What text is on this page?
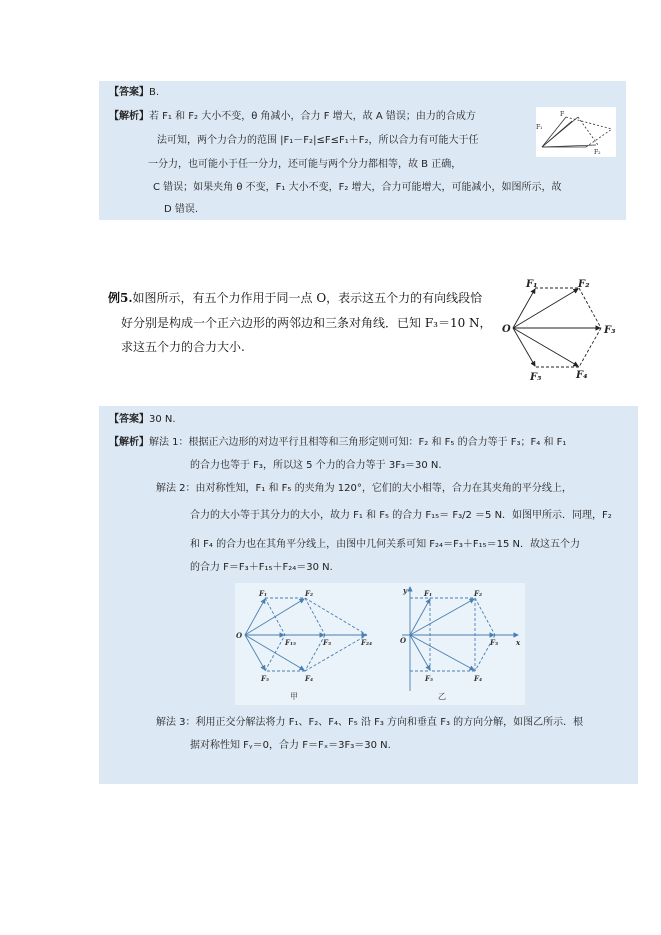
【答案】B.
【解析】若 F₁ 和 F₂ 大小不变，θ 角减小，合力 F 增大，故 A 错误；由力的合成方
法可知，两个力合力的范围 |F₁－F₂|≤F≤F₁＋F₂，所以合力有可能大于任
一分力，也可能小于任一分力，还可能与两个分力都相等，故 B 正确，
C 错误；如果夹角 θ 不变，F₁ 大小不变，F₂ 增大，合力可能增大，可能减小，如图所示，故
D 错误.
F
F₁
F₂
例5.如图所示，有五个力作用于同一点 O，表示这五个力的有向线段恰
好分别是构成一个正六边形的两邻边和三条对角线．已知 F₃＝10 N，
求这五个力的合力大小.
O
F₁	F₂
F₃
F₄
F₅
【答案】30 N.
【解析】解法 1：根据正六边形的对边平行且相等和三角形定则可知：F₂ 和 F₅ 的合力等于 F₃；F₄ 和 F₁
的合力也等于 F₃，所以这 5 个力的合力等于 3F₃＝30 N.
解法 2：由对称性知，F₁ 和 F₅ 的夹角为 120°，它们的大小相等，合力在其夹角的平分线上，
合力的大小等于其分力的大小，故力 F₁ 和 F₅ 的合力 F₁₅＝ F₃/2 ＝5 N．如图甲所示．同理，F₂
和 F₄ 的合力也在其角平分线上，由图中几何关系可知 F₂₄＝F₃＋F₁₅＝15 N．故这五个力
的合力 F＝F₃＋F₁₅＋F₂₄＝30 N.
O
F₁	F₂
F₁₅	F₃	F₂₄
F₄
F₅
甲
O
y
x
F₁	F₂
F₃
F₄
F₅
乙
解法 3：利用正交分解法将力 F₁、F₂、F₄、F₅ 沿 F₃ 方向和垂直 F₃ 的方向分解，如图乙所示．根
据对称性知 Fᵧ＝0，合力 F＝Fₓ＝3F₃＝30 N.
